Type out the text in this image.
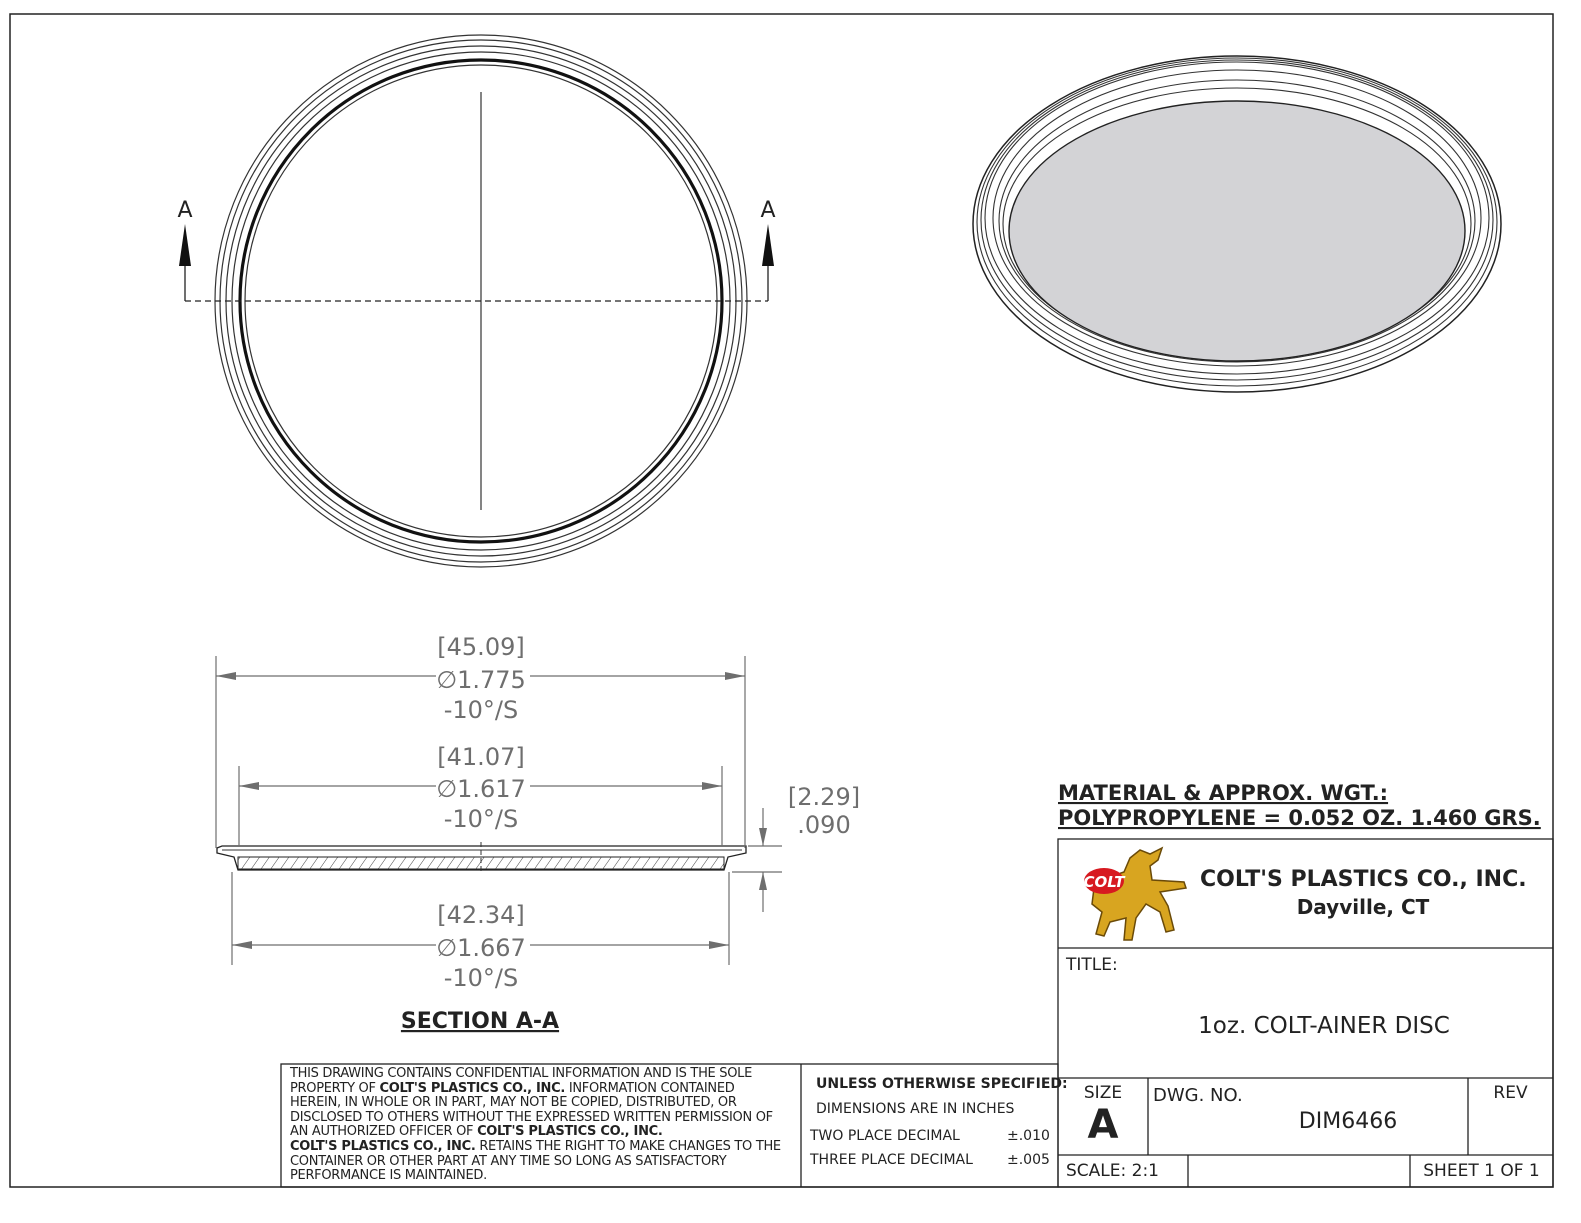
A	A
[45.09]
∅1.775
-10°/S
[41.07]
∅1.617
-10°/S
[42.34]
∅1.667
-10°/S
[2.29]
.090
SECTION A-A
MATERIAL & APPROX. WGT.:
POLYPROPYLENE = 0.052 OZ. 1.460 GRS.
COLT	COLT'S PLASTICS CO., INC.
Dayville, CT
TITLE:
1oz. COLT-AINER DISC
SIZE
A
DWG. NO.
DIM6466
REV
SCALE: 2:1	SHEET 1 OF 1
THIS DRAWING CONTAINS CONFIDENTIAL INFORMATION AND IS THE SOLE
PROPERTY OF COLT'S PLASTICS CO., INC. INFORMATION CONTAINED
HEREIN, IN WHOLE OR IN PART, MAY NOT BE COPIED, DISTRIBUTED, OR
DISCLOSED TO OTHERS WITHOUT THE EXPRESSED WRITTEN PERMISSION OF
AN AUTHORIZED OFFICER OF COLT'S PLASTICS CO., INC.
COLT'S PLASTICS CO., INC. RETAINS THE RIGHT TO MAKE CHANGES TO THE
CONTAINER OR OTHER PART AT ANY TIME SO LONG AS SATISFACTORY
PERFORMANCE IS MAINTAINED.
UNLESS OTHERWISE SPECIFIED:
DIMENSIONS ARE IN INCHES
TWO PLACE DECIMAL	±.010
THREE PLACE DECIMAL ±.005
